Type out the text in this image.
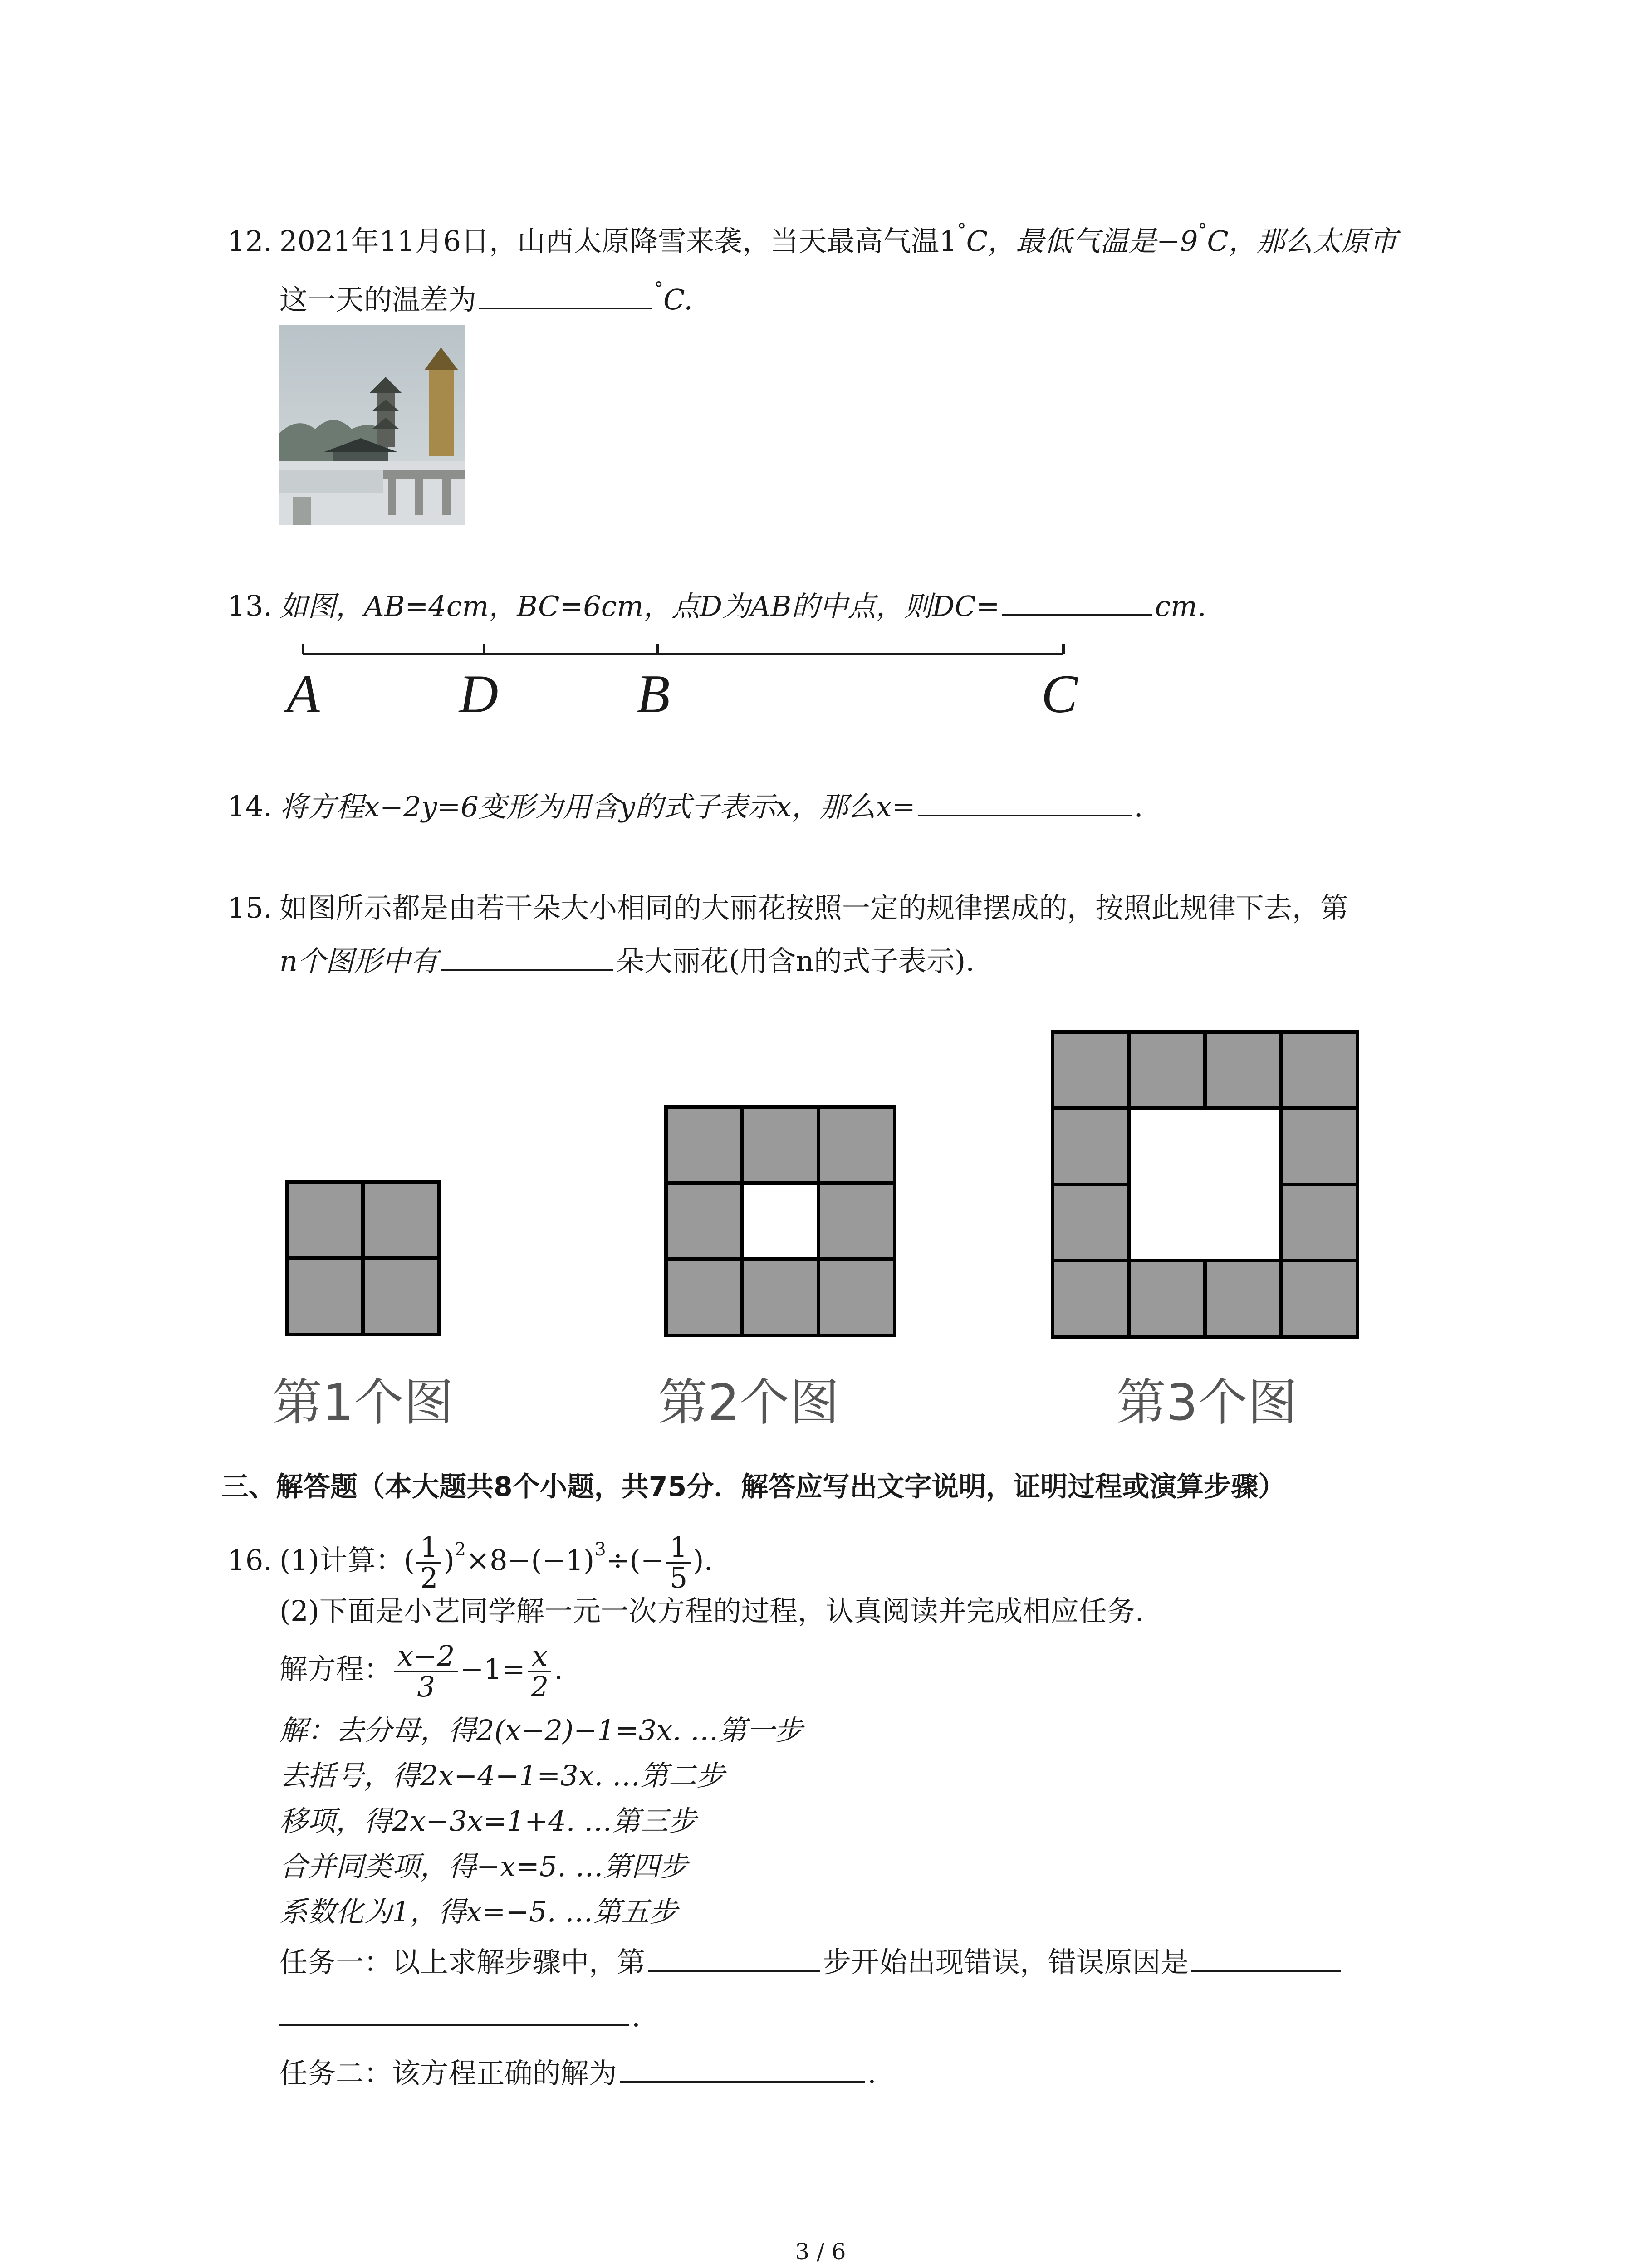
12. 2021年11月6日，山西太原降雪来袭，当天最高气温1°C，最低气温是−9°C，那么太原市
这一天的温差为	°C.
13. 如图，AB=4cm，BC=6cm，点D为AB的中点，则DC=	cm.
A	D	B	C
14. 将方程x−2y=6变形为用含y的式子表示x，那么x=	.
15. 如图所示都是由若干朵大小相同的大丽花按照一定的规律摆成的，按照此规律下去，第
n个图形中有	朵大丽花(用含n的式子表示).
第1个图	第2个图	第3个图
三、解答题（本大题共8个小题，共75分．解答应写出文字说明，证明过程或演算步骤）
16. (1)计算：( $\frac{1}{2} )^2\times 8-(-1)^3\div(- \frac{1}{5}$ ).
(2)下面是小艺同学解一元一次方程的过程，认真阅读并完成相应任务.
解方程： $\frac{x-2}{3} -1= \frac{x}{2}$ .
解：去分母，得2(x−2)−1=3x. …第一步
去括号，得2x−4−1=3x. …第二步
移项，得2x−3x=1+4. …第三步
合并同类项，得−x=5. …第四步
系数化为1，得x=−5. …第五步
任务一：以上求解步骤中，第	步开始出现错误，错误原因是
.
任务二：该方程正确的解为	.
3 / 6
